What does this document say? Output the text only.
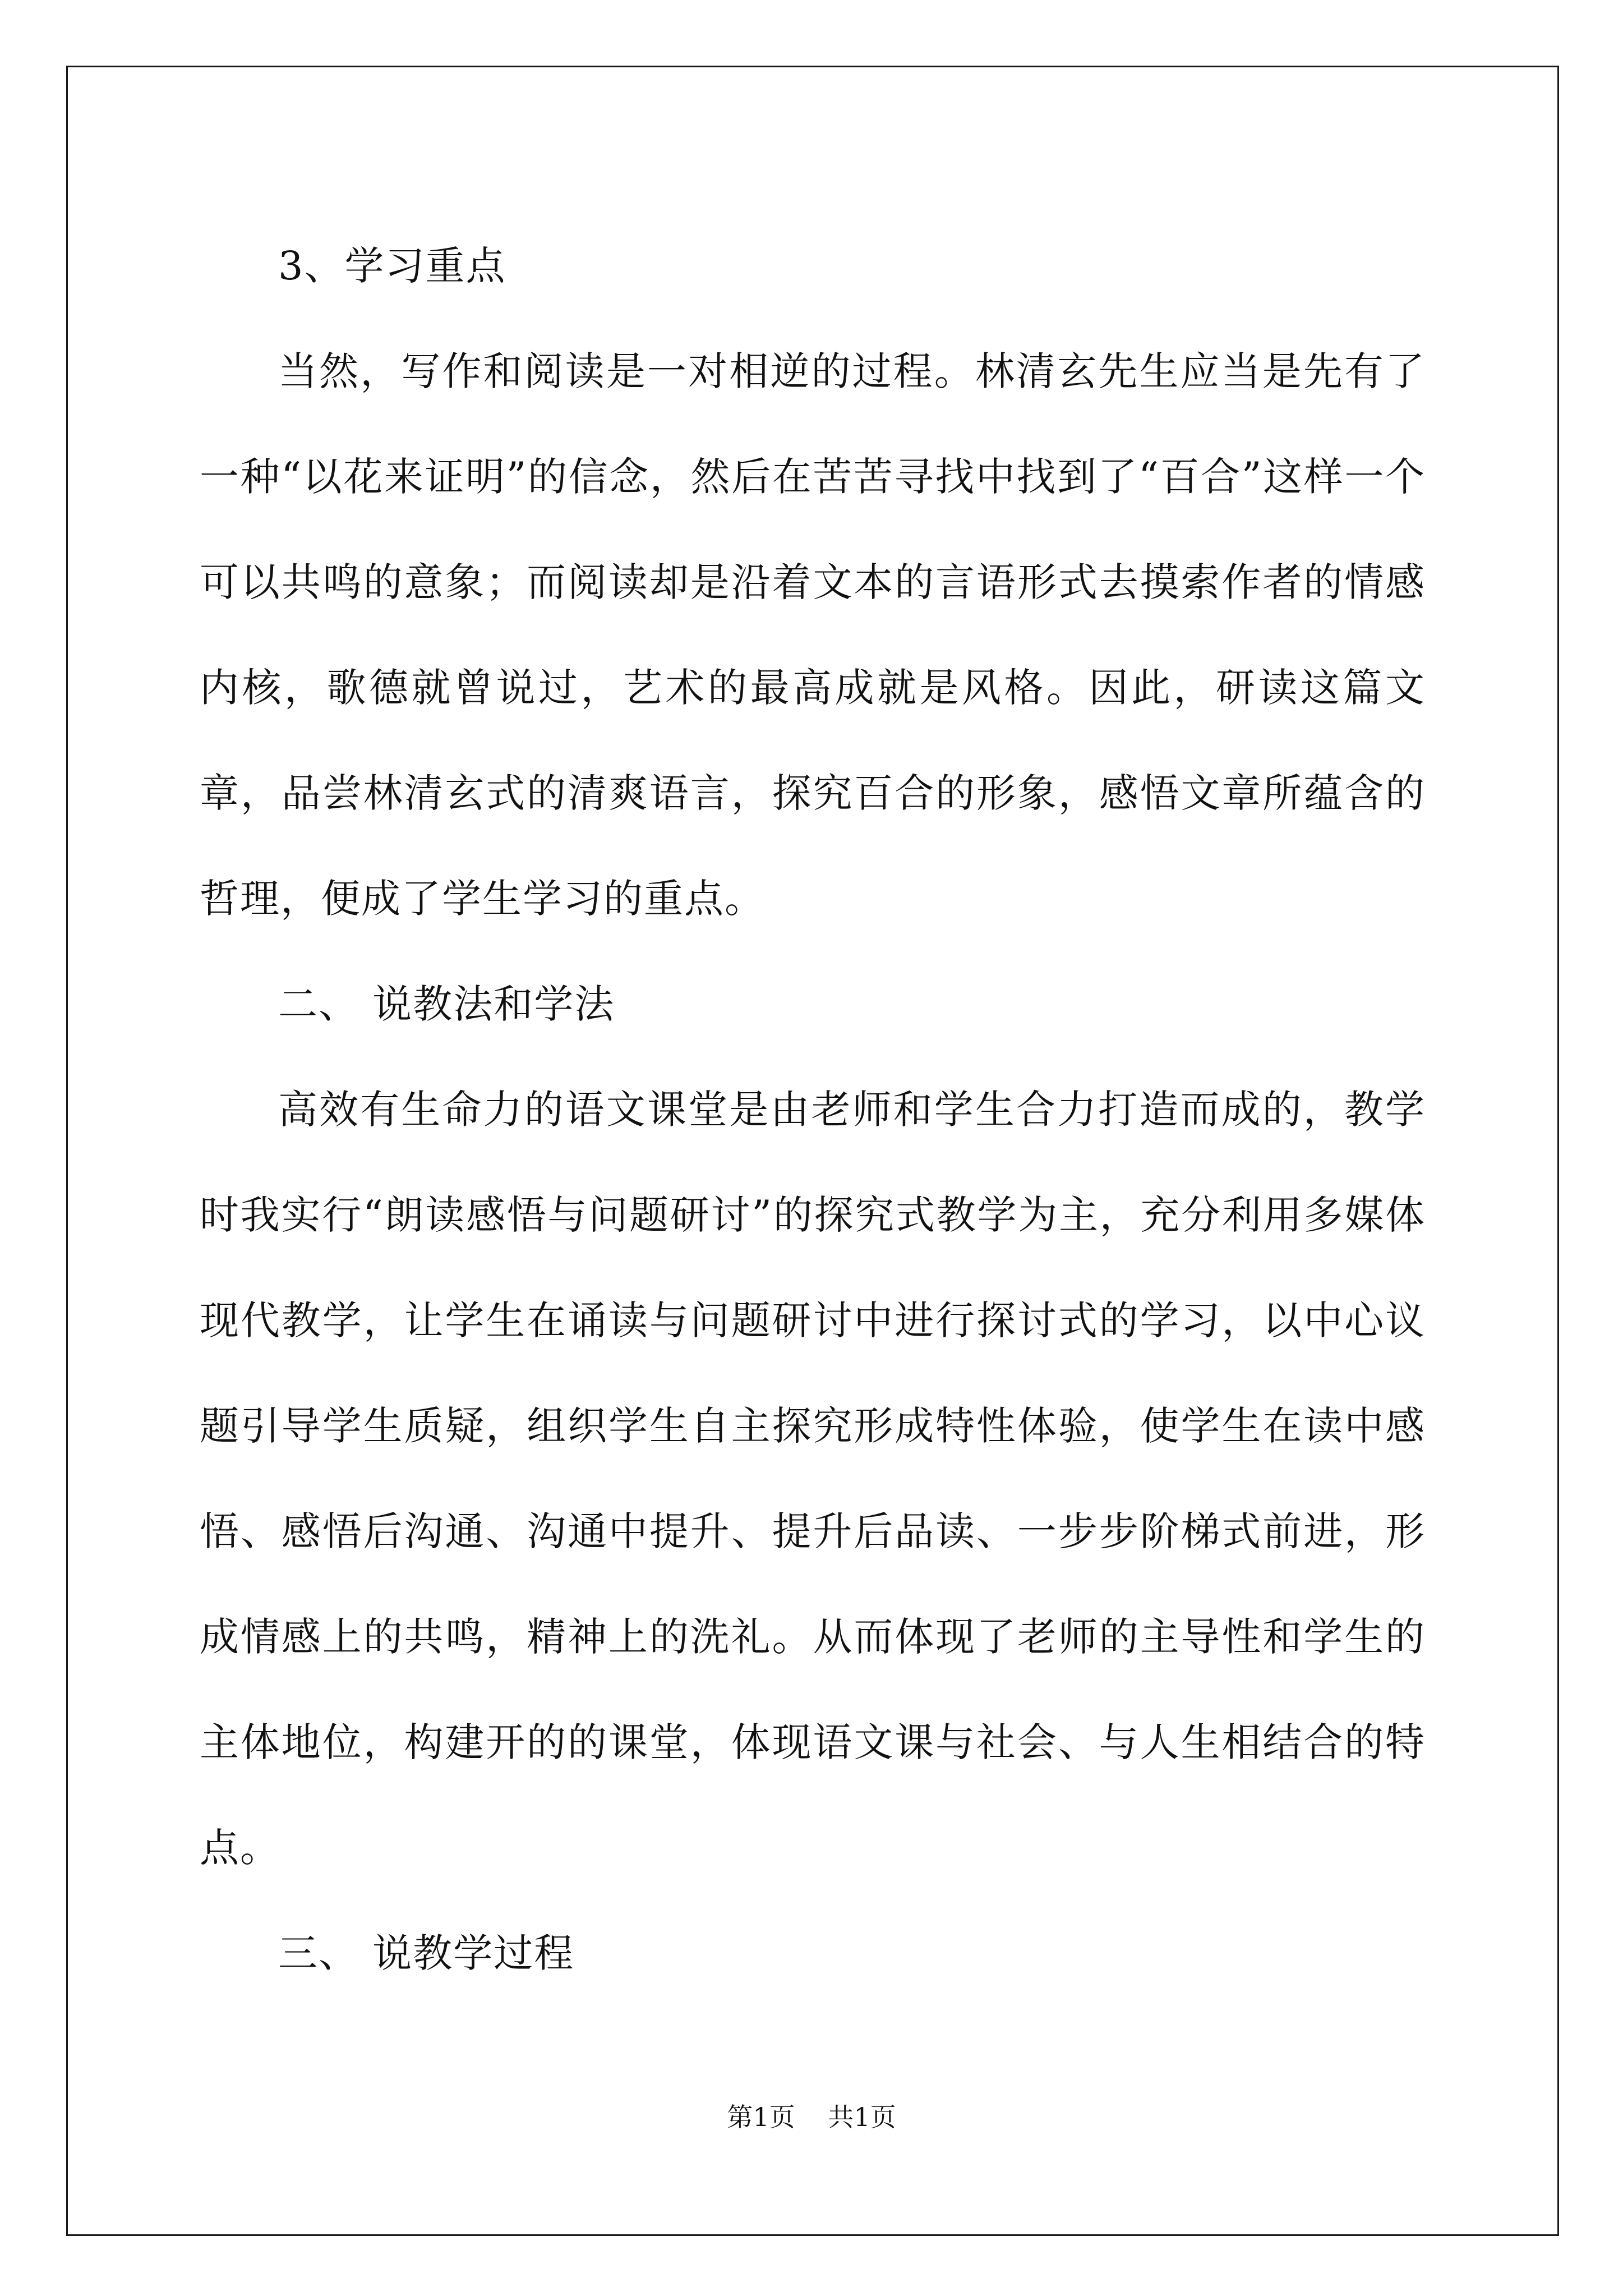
3、学习重点

当然，写作和阅读是一对相逆的过程。林清玄先生应当是先有了一种“以花来证明”的信念，然后在苦苦寻找中找到了“百合”这样一个可以共鸣的意象；而阅读却是沿着文本的言语形式去摸索作者的情感内核，歌德就曾说过，艺术的最高成就是风格。因此，研读这篇文章，品尝林清玄式的清爽语言，探究百合的形象，感悟文章所蕴含的哲理，便成了学生学习的重点。

二、 说教法和学法

高效有生命力的语文课堂是由老师和学生合力打造而成的，教学时我实行“朗读感悟与问题研讨”的探究式教学为主，充分利用多媒体现代教学，让学生在诵读与问题研讨中进行探讨式的学习，以中心议题引导学生质疑，组织学生自主探究形成特性体验，使学生在读中感悟、感悟后沟通、沟通中提升、提升后品读、一步步阶梯式前进，形成情感上的共鸣，精神上的洗礼。从而体现了老师的主导性和学生的主体地位，构建开的的课堂，体现语文课与社会、与人生相结合的特点。

三、 说教学过程

第1页 共1页
